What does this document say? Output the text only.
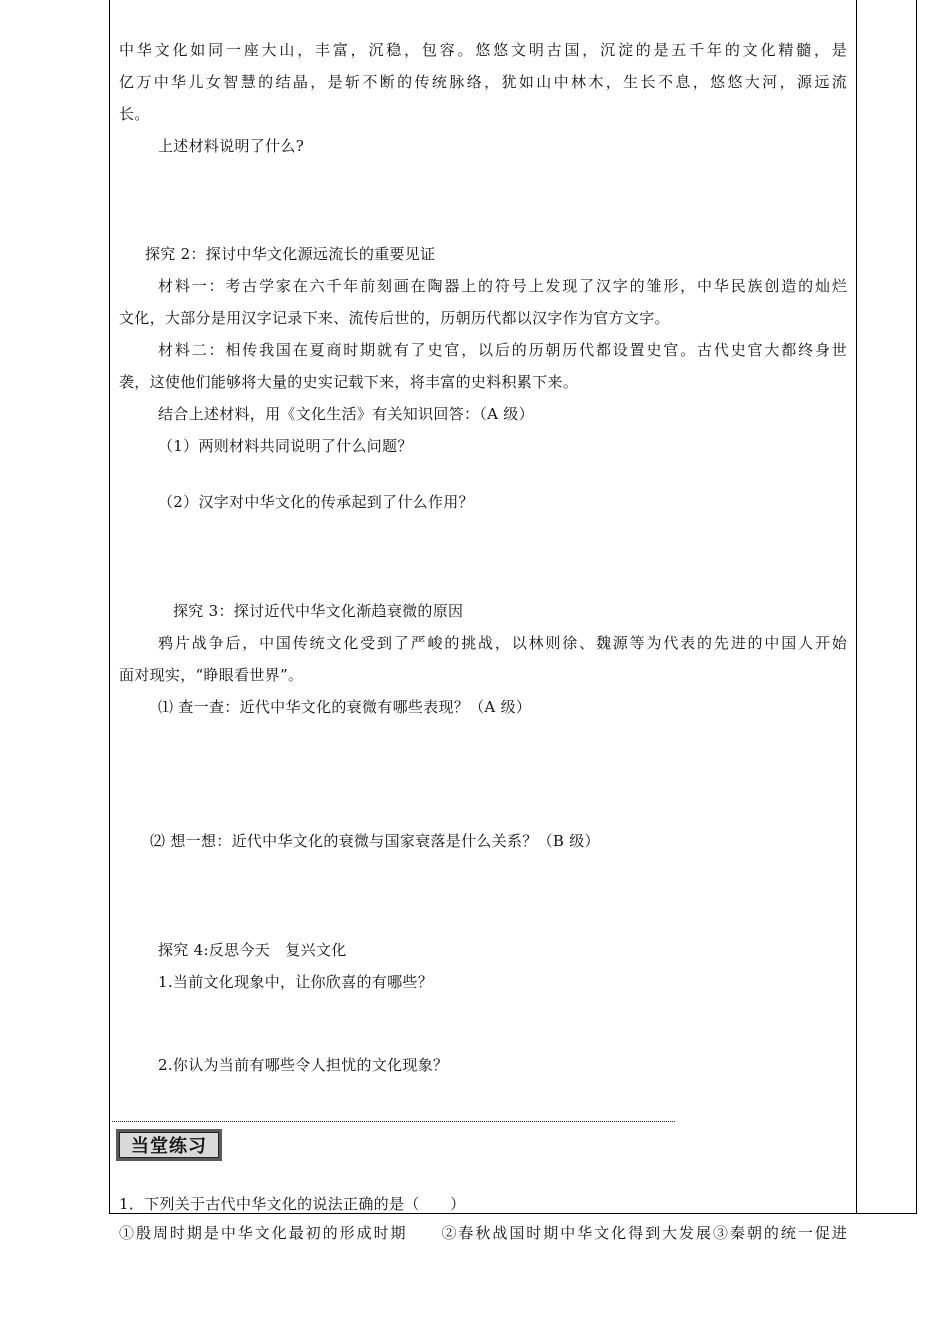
中华文化如同一座大山，丰富，沉稳，包容。悠悠文明古国，沉淀的是五千年的文化精髓，是
亿万中华儿女智慧的结晶，是斩不断的传统脉络，犹如山中林木，生长不息，悠悠大河，源远流
长。
上述材料说明了什么?
探究 2：探讨中华文化源远流长的重要见证
材料一：考古学家在六千年前刻画在陶器上的符号上发现了汉字的雏形，中华民族创造的灿烂
文化，大部分是用汉字记录下来、流传后世的，历朝历代都以汉字作为官方文字。
材料二：相传我国在夏商时期就有了史官，以后的历朝历代都设置史官。古代史官大都终身世
袭，这使他们能够将大量的史实记载下来，将丰富的史料积累下来。
结合上述材料，用《文化生活》有关知识回答：（A 级）
（1）两则材料共同说明了什么问题？
（2）汉字对中华文化的传承起到了什么作用？
探究 3：探讨近代中华文化渐趋衰微的原因
鸦片战争后，中国传统文化受到了严峻的挑战，以林则徐、魏源等为代表的先进的中国人开始
面对现实，“睁眼看世界”。
⑴ 查一查：近代中华文化的衰微有哪些表现？（A 级）
⑵ 想一想：近代中华文化的衰微与国家衰落是什么关系？（B 级）
探究 4:反思今天　复兴文化
1.当前文化现象中，让你欣喜的有哪些？
2.你认为当前有哪些令人担忧的文化现象？
当堂练习
1．下列关于古代中华文化的说法正确的是（　　）
①殷周时期是中华文化最初的形成时期　　②春秋战国时期中华文化得到大发展③秦朝的统一促进
